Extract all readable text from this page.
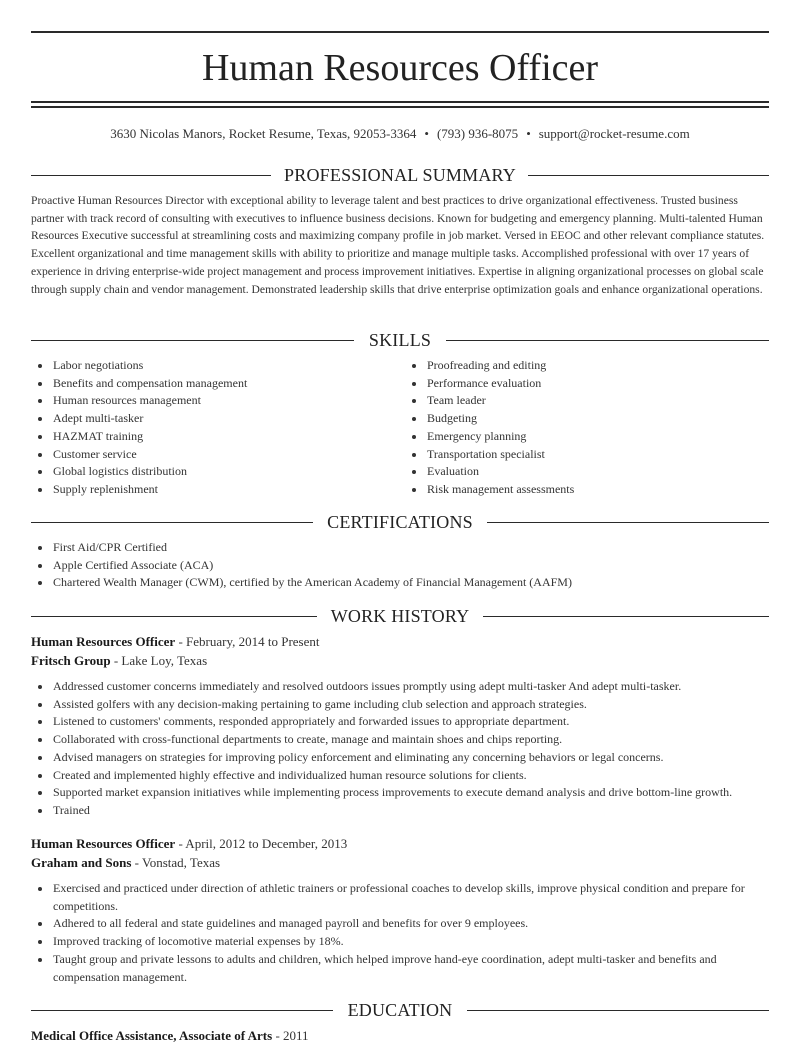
Human Resources Officer
3630 Nicolas Manors, Rocket Resume, Texas, 92053-3364 • (793) 936-8075 • support@rocket-resume.com
PROFESSIONAL SUMMARY

Proactive Human Resources Director with exceptional ability to leverage talent and best practices to drive organizational effectiveness. Trusted business partner with track record of consulting with executives to influence business decisions. Known for budgeting and emergency planning. Multi-talented Human Resources Executive successful at streamlining costs and maximizing company profile in job market. Versed in EEOC and other relevant compliance statutes. Excellent organizational and time management skills with ability to prioritize and manage multiple tasks. Accomplished professional with over 17 years of experience in driving enterprise-wide project management and process improvement initiatives. Expertise in aligning organizational processes on global scale through supply chain and vendor management. Demonstrated leadership skills that drive enterprise optimization goals and enhance organizational operations.

SKILLS
Labor negotiations
Benefits and compensation management
Human resources management
Adept multi-tasker
HAZMAT training
Customer service
Global logistics distribution
Supply replenishment
Proofreading and editing
Performance evaluation
Team leader
Budgeting
Emergency planning
Transportation specialist
Evaluation
Risk management assessments
CERTIFICATIONS
First Aid/CPR Certified
Apple Certified Associate (ACA)
Chartered Wealth Manager (CWM), certified by the American Academy of Financial Management (AAFM)
WORK HISTORY
Human Resources Officer - February, 2014 to Present
Fritsch Group - Lake Loy, Texas
Addressed customer concerns immediately and resolved outdoors issues promptly using adept multi-tasker And adept multi-tasker.
Assisted golfers with any decision-making pertaining to game including club selection and approach strategies.
Listened to customers' comments, responded appropriately and forwarded issues to appropriate department.
Collaborated with cross-functional departments to create, manage and maintain shoes and chips reporting.
Advised managers on strategies for improving policy enforcement and eliminating any concerning behaviors or legal concerns.
Created and implemented highly effective and individualized human resource solutions for clients.
Supported market expansion initiatives while implementing process improvements to execute demand analysis and drive bottom-line growth.
Trained
Human Resources Officer - April, 2012 to December, 2013
Graham and Sons - Vonstad, Texas
Exercised and practiced under direction of athletic trainers or professional coaches to develop skills, improve physical condition and prepare for competitions.
Adhered to all federal and state guidelines and managed payroll and benefits for over 9 employees.
Improved tracking of locomotive material expenses by 18%.
Taught group and private lessons to adults and children, which helped improve hand-eye coordination, adept multi-tasker and benefits and compensation management.
EDUCATION
Medical Office Assistance, Associate of Arts - 2011
